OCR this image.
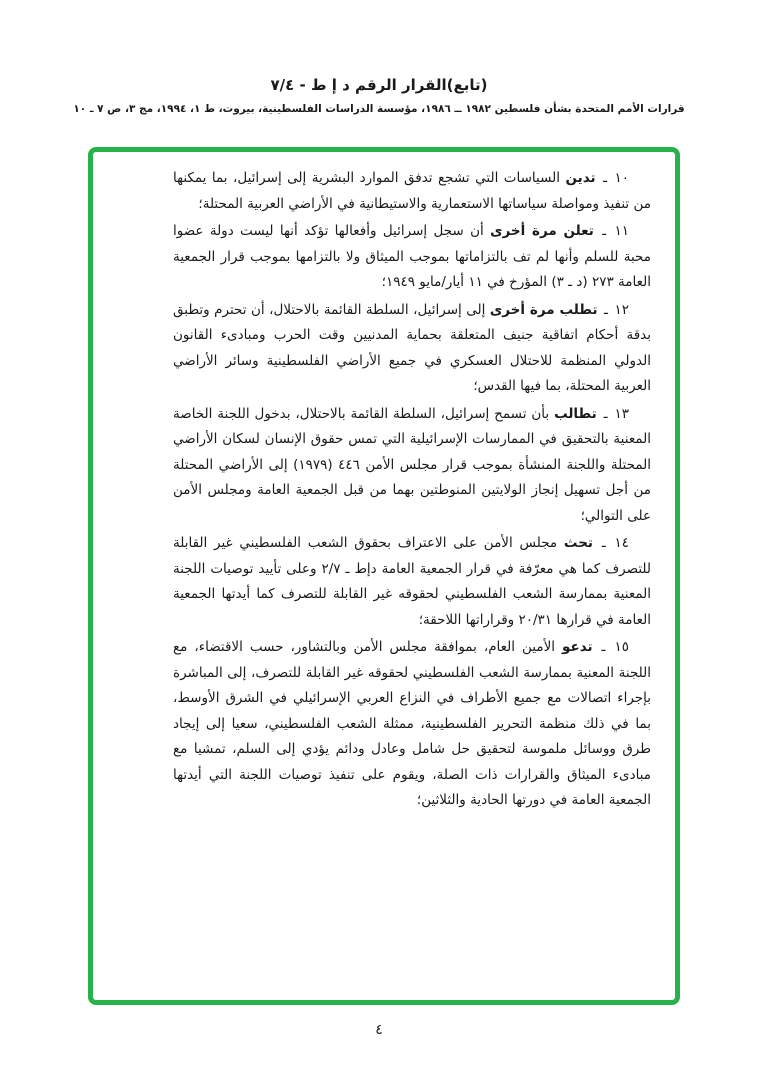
(تابع)القرار الرقم د إ ط - ٧/٤
قرارات الأمم المتحدة بشأن فلسطين ١٩٨٢ ــ ١٩٨٦، مؤسسة الدراسات الفلسطينية، بيروت، ط ١، ١٩٩٤، مج ٣، ص ٧ ـ ١٠

١٠ ـ تدين السياسات التي تشجع تدفق الموارد البشرية إلى إسرائيل، بما يمكنها من تنفيذ ومواصلة سياساتها الاستعمارية والاستيطانية في الأراضي العربية المحتلة؛

١١ ـ تعلن مرة أخرى أن سجل إسرائيل وأفعالها تؤكد أنها ليست دولة عضوا محبة للسلم وأنها لم تف بالتزاماتها بموجب الميثاق ولا بالتزامها بموجب قرار الجمعية العامة ٢٧٣ (د ـ ٣) المؤرخ في ١١ أيار/مايو ١٩٤٩؛

١٢ ـ تطلب مرة أخرى إلى إسرائيل، السلطة القائمة بالاحتلال، أن تحترم وتطبق بدقة أحكام اتفاقية جنيف المتعلقة بحماية المدنيين وقت الحرب ومبادىء القانون الدولي المنظمة للاحتلال العسكري في جميع الأراضي الفلسطينية وسائر الأراضي العربية المحتلة، بما فيها القدس؛

١٣ ـ تطالب بأن تسمح إسرائيل، السلطة القائمة بالاحتلال، بدخول اللجنة الخاصة المعنية بالتحقيق في الممارسات الإسرائيلية التي تمس حقوق الإنسان لسكان الأراضي المحتلة واللجنة المنشأة بموجب قرار مجلس الأمن ٤٤٦ (١٩٧٩) إلى الأراضي المحتلة من أجل تسهيل إنجاز الولايتين المنوطتين بهما من قبل الجمعية العامة ومجلس الأمن على التوالي؛

١٤ ـ تحث مجلس الأمن على الاعتراف بحقوق الشعب الفلسطيني غير القابلة للتصرف كما هي معرّفة في قرار الجمعية العامة دإط ـ ٢/٧ وعلى تأييد توصيات اللجنة المعنية بممارسة الشعب الفلسطيني لحقوقه غير القابلة للتصرف كما أيدتها الجمعية العامة في قرارها ٢٠/٣١ وقراراتها اللاحقة؛

١٥ ـ تدعو الأمين العام، بموافقة مجلس الأمن وبالتشاور، حسب الاقتضاء، مع اللجنة المعنية بممارسة الشعب الفلسطيني لحقوقه غير القابلة للتصرف، إلى المباشرة بإجراء اتصالات مع جميع الأطراف في النزاع العربي الإسرائيلي في الشرق الأوسط، بما في ذلك منظمة التحرير الفلسطينية، ممثلة الشعب الفلسطيني، سعيا إلى إيجاد طرق ووسائل ملموسة لتحقيق حل شامل وعادل ودائم يؤدي إلى السلم، تمشيا مع مبادىء الميثاق والقرارات ذات الصلة، ويقوم على تنفيذ توصيات اللجنة التي أيدتها الجمعية العامة في دورتها الحادية والثلاثين؛

٤
